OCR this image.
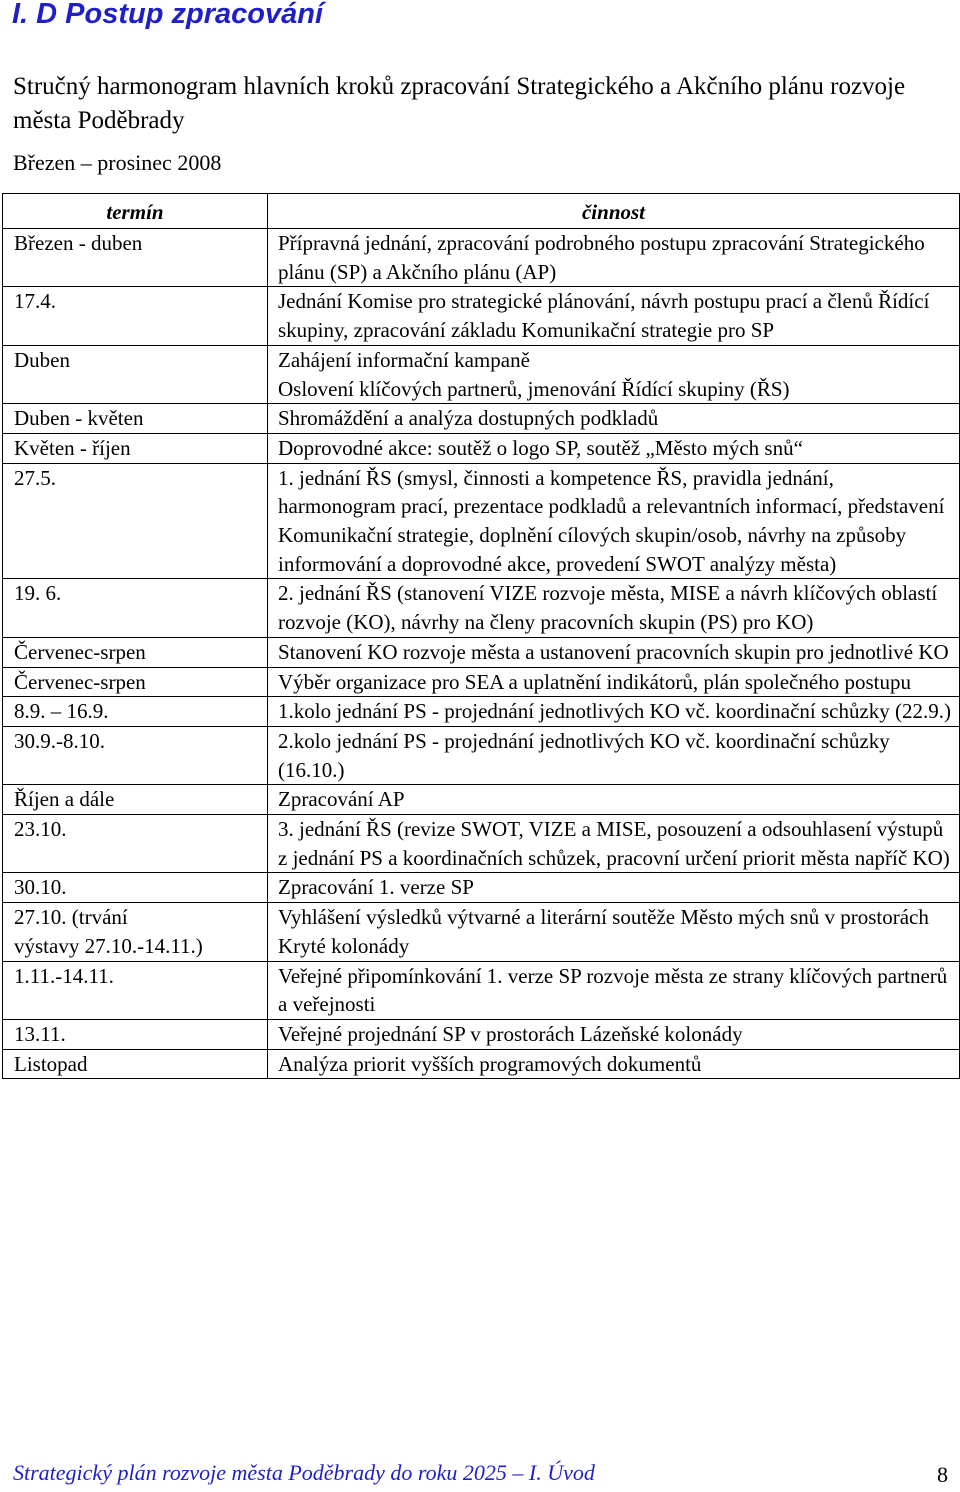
I. D Postup zpracování
Stručný harmonogram hlavních kroků zpracování Strategického a Akčního plánu rozvoje města Poděbrady

Březen – prosinec 2008

termín	činnost
Březen - duben	Přípravná jednání, zpracování podrobného postupu zpracování Strategického plánu (SP) a Akčního plánu (AP)

17.4.	Jednání Komise pro strategické plánování, návrh postupu prací a členů Řídící skupiny, zpracování základu Komunikační strategie pro SP

Duben	Zahájení informační kampaně
Oslovení klíčových partnerů, jmenování Řídící skupiny (ŘS)

Duben - květen	Shromáždění a analýza dostupných podkladů

Květen - říjen	Doprovodné akce: soutěž o logo SP, soutěž „Město mých snů“

27.5.	1. jednání ŘS (smysl, činnosti a kompetence ŘS, pravidla jednání, harmonogram prací, prezentace podkladů a relevantních informací, představení Komunikační strategie, doplnění cílových skupin/osob, návrhy na způsoby informování a doprovodné akce, provedení SWOT analýzy města)

19. 6.	2. jednání ŘS (stanovení VIZE rozvoje města, MISE a návrh klíčových oblastí rozvoje (KO), návrhy na členy pracovních skupin (PS) pro KO)

Červenec-srpen	Stanovení KO rozvoje města a ustanovení pracovních skupin pro jednotlivé KO

Červenec-srpen	Výběr organizace pro SEA a uplatnění indikátorů, plán společného postupu

8.9. – 16.9.	1.kolo jednání PS - projednání jednotlivých KO vč. koordinační schůzky (22.9.)

30.9.-8.10.	2.kolo jednání PS - projednání jednotlivých KO vč. koordinační schůzky (16.10.)

Říjen a dále	Zpracování AP

23.10.	3. jednání ŘS (revize SWOT, VIZE a MISE, posouzení a odsouhlasení výstupů z jednání PS a koordinačních schůzek, pracovní určení priorit města napříč KO)

30.10.	Zpracování 1. verze SP

27.10. (trvání
výstavy 27.10.-14.11.)	Vyhlášení výsledků výtvarné a literární soutěže Město mých snů v prostorách Kryté kolonády

1.11.-14.11.	Veřejné připomínkování 1. verze SP rozvoje města ze strany klíčových partnerů a veřejnosti

13.11.	Veřejné projednání SP v prostorách Lázeňské kolonády

Listopad	Analýza priorit vyšších programových dokumentů
Strategický plán rozvoje města Poděbrady do roku 2025 – I. Úvod	8
